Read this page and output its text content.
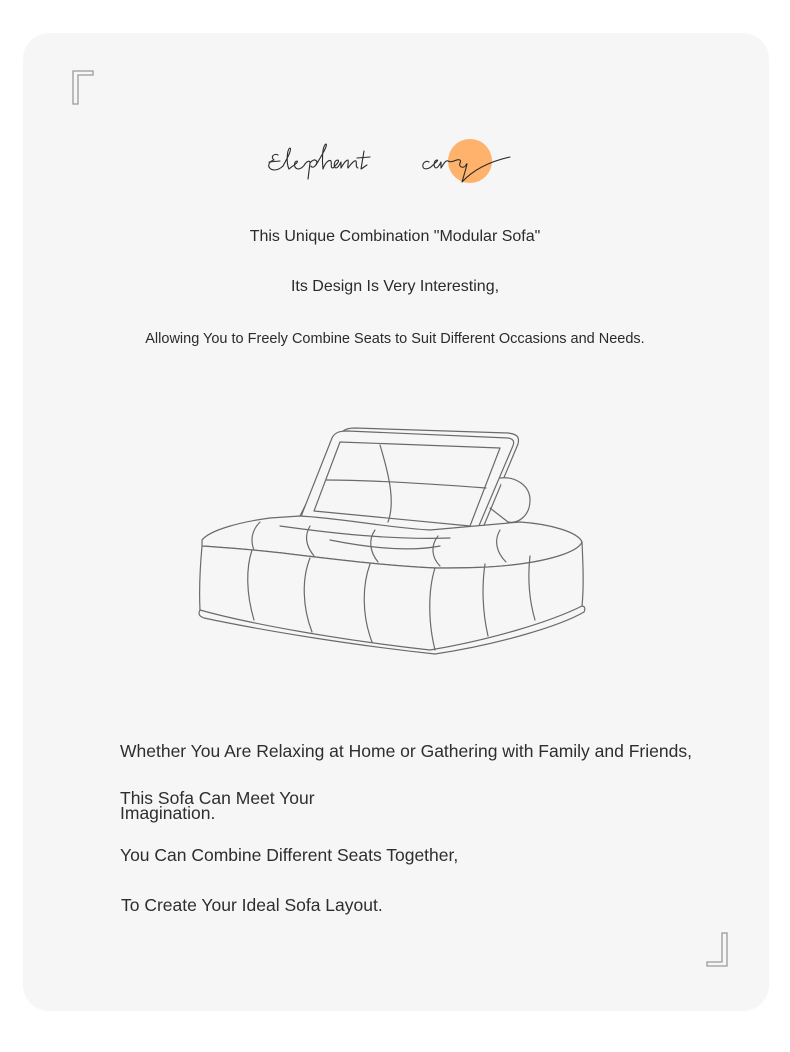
This Unique Combination "Modular Sofa"
Its Design Is Very Interesting,
Allowing You to Freely Combine Seats to Suit Different Occasions and Needs.
Whether You Are Relaxing at Home or Gathering with Family and Friends,
This Sofa Can Meet Your
Imagination.
You Can Combine Different Seats Together,
To Create Your Ideal Sofa Layout.
